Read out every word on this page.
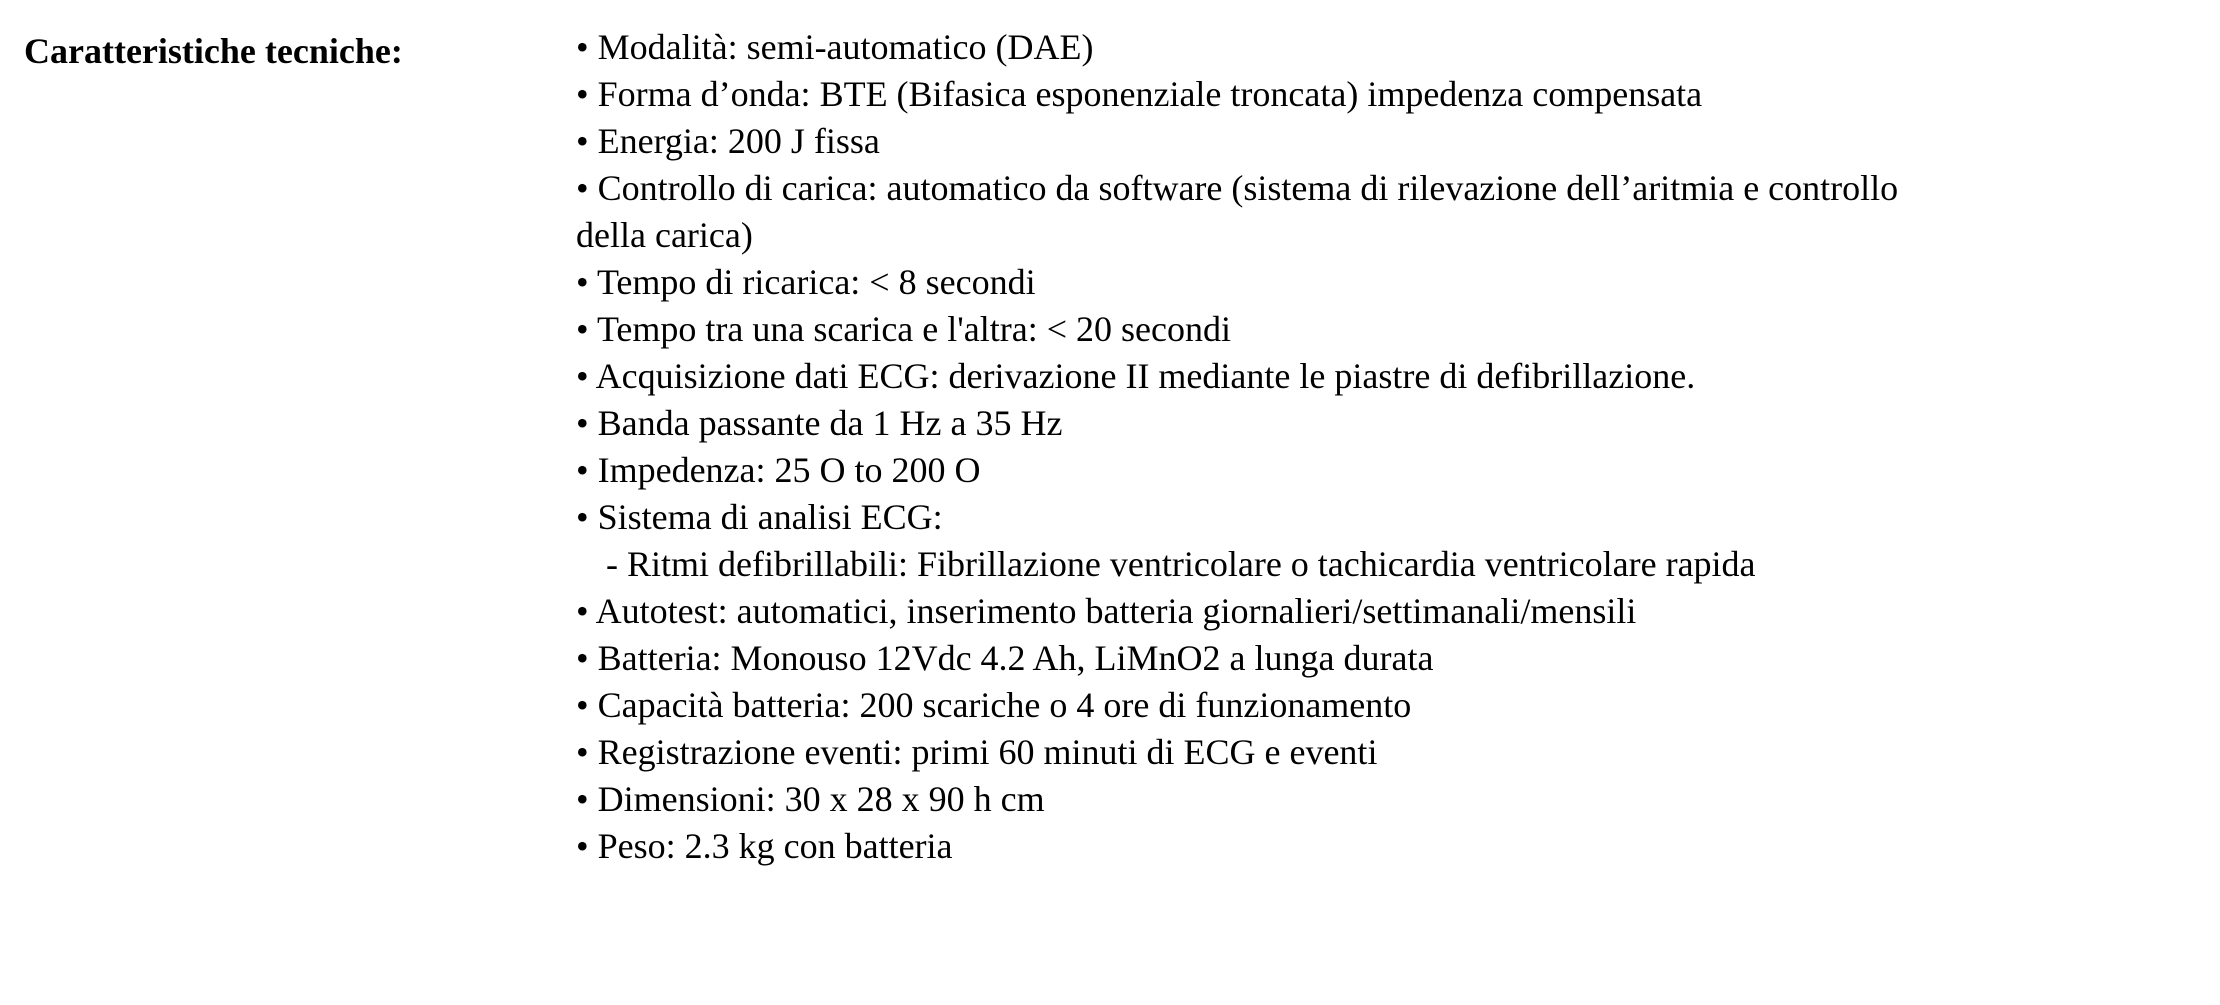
Caratteristiche tecniche:	• Modalità: semi-automatico (DAE)
• Forma d’onda: BTE (Bifasica esponenziale troncata) impedenza compensata
• Energia: 200 J fissa
• Controllo di carica: automatico da software (sistema di rilevazione dell’aritmia e controllo
della carica)
• Tempo di ricarica: < 8 secondi
• Tempo tra una scarica e l'altra: < 20 secondi
• Acquisizione dati ECG: derivazione II mediante le piastre di defibrillazione.
• Banda passante da 1 Hz a 35 Hz
• Impedenza: 25 O to 200 O
• Sistema di analisi ECG:
- Ritmi defibrillabili: Fibrillazione ventricolare o tachicardia ventricolare rapida
• Autotest: automatici, inserimento batteria giornalieri/settimanali/mensili
• Batteria: Monouso 12Vdc 4.2 Ah, LiMnO2 a lunga durata
• Capacità batteria: 200 scariche o 4 ore di funzionamento
• Registrazione eventi: primi 60 minuti di ECG e eventi
• Dimensioni: 30 x 28 x 90 h cm
• Peso: 2.3 kg con batteria
